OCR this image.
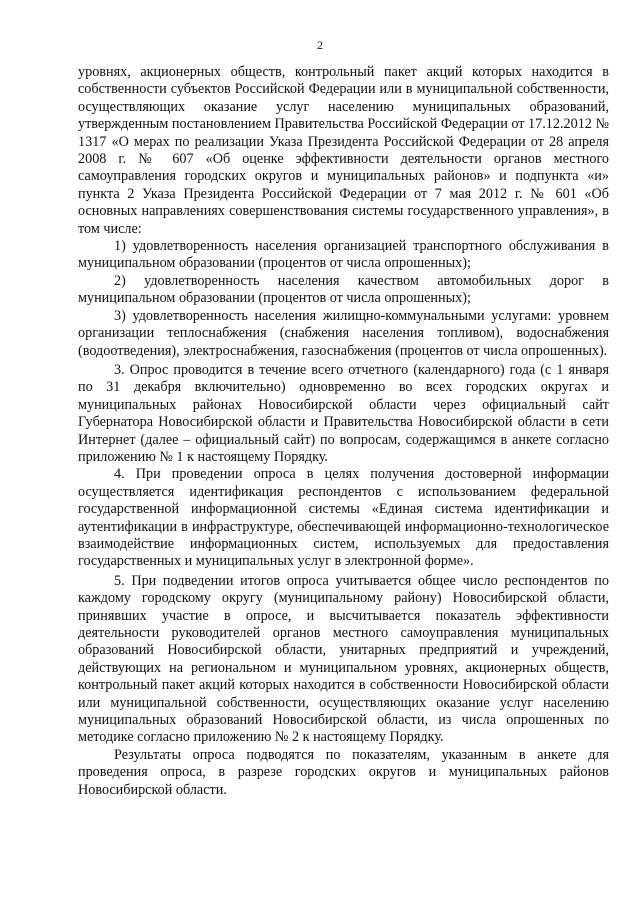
2

уровнях, акционерных обществ, контрольный пакет акций которых находится в собственности субъектов Российской Федерации или в муниципальной собственности, осуществляющих оказание услуг населению муниципальных образований, утвержденным постановлением Правительства Российской Федерации от 17.12.2012 № 1317 «О мерах по реализации Указа Президента Российской Федерации от 28 апреля 2008 г. № 607 «Об оценке эффективности деятельности органов местного самоуправления городских округов и муниципальных районов» и подпункта «и» пункта 2 Указа Президента Российской Федерации от 7 мая 2012 г. № 601 «Об основных направлениях совершенствования системы государственного управления», в том числе:

1) удовлетворенность населения организацией транспортного обслуживания в муниципальном образовании (процентов от числа опрошенных);

2) удовлетворенность населения качеством автомобильных дорог в муниципальном образовании (процентов от числа опрошенных);

3) удовлетворенность населения жилищно-коммунальными услугами: уровнем организации теплоснабжения (снабжения населения топливом), водоснабжения (водоотведения), электроснабжения, газоснабжения (процентов от числа опрошенных).

3. Опрос проводится в течение всего отчетного (календарного) года (с 1 января по 31 декабря включительно) одновременно во всех городских округах и муниципальных районах Новосибирской области через официальный сайт Губернатора Новосибирской области и Правительства Новосибирской области в сети Интернет (далее – официальный сайт) по вопросам, содержащимся в анкете согласно приложению № 1 к настоящему Порядку.

4. При проведении опроса в целях получения достоверной информации осуществляется идентификация респондентов с использованием федеральной государственной информационной системы «Единая система идентификации и аутентификации в инфраструктуре, обеспечивающей информационно-технологическое взаимодействие информационных систем, используемых для предоставления государственных и муниципальных услуг в электронной форме».

5. При подведении итогов опроса учитывается общее число респондентов по каждому городскому округу (муниципальному району) Новосибирской области, принявших участие в опросе, и высчитывается показатель эффективности деятельности руководителей органов местного самоуправления муниципальных образований Новосибирской области, унитарных предприятий и учреждений, действующих на региональном и муниципальном уровнях, акционерных обществ, контрольный пакет акций которых находится в собственности Новосибирской области или муниципальной собственности, осуществляющих оказание услуг населению муниципальных образований Новосибирской области, из числа опрошенных по методике согласно приложению № 2 к настоящему Порядку.

Результаты опроса подводятся по показателям, указанным в анкете для проведения опроса, в разрезе городских округов и муниципальных районов Новосибирской области.
